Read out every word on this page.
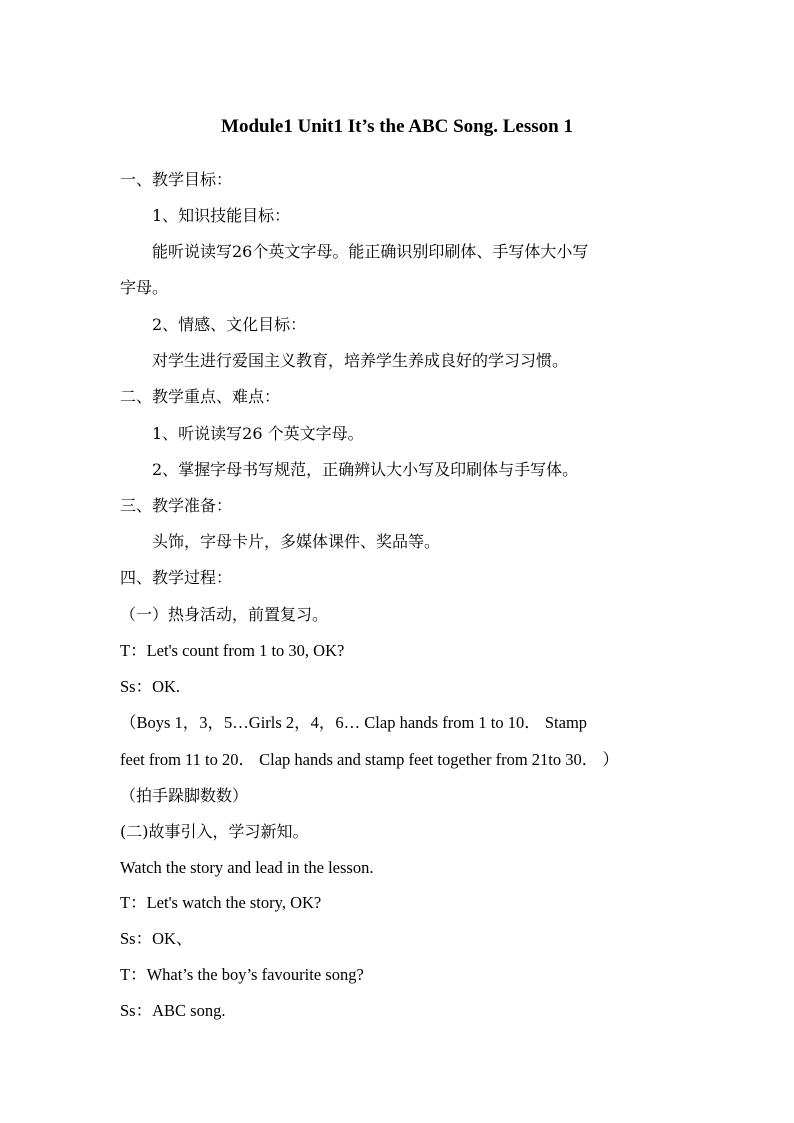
Module1 Unit1 It’s the ABC Song. Lesson 1
一、教学目标：
1、知识技能目标：
能听说读写26个英文字母。能正确识别印刷体、手写体大小写
字母。
2、情感、文化目标：
对学生进行爱国主义教育，培养学生养成良好的学习习惯。
二、教学重点、难点：
1、听说读写26 个英文字母。
2、掌握字母书写规范，正确辨认大小写及印刷体与手写体。
三、教学准备：
头饰，字母卡片，多媒体课件、奖品等。
四、教学过程：
（一）热身活动，前置复习。
T：Let's count from 1 to 30, OK?
Ss：OK.
（Boys 1，3，5…Girls 2，4，6… Clap hands from 1 to 10． Stamp
feet from 11 to 20． Clap hands and stamp feet together from 21to 30． ）
（拍手跺脚数数）
(二)故事引入，学习新知。
Watch the story and lead in the lesson.
T：Let's watch the story, OK?
Ss：OK、
T：What’s the boy’s favourite song?
Ss：ABC song.
